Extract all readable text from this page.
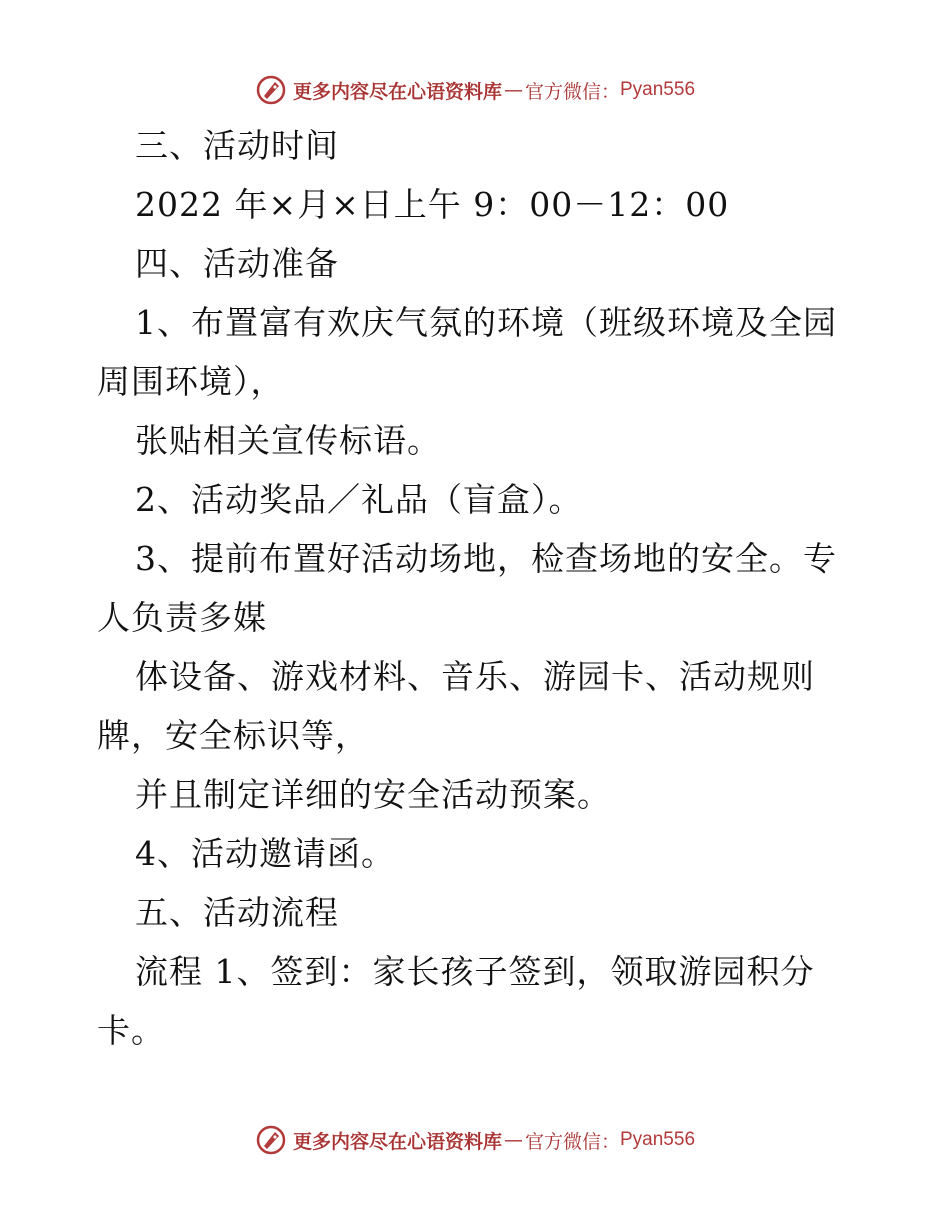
更多内容尽在心语资料库 — 官方微信： Pyan556
三、活动时间
2022 年×月×日上午 9：00－12：00
四、活动准备
1、布置富有欢庆气氛的环境（班级环境及全园
周围环境），
张贴相关宣传标语。
2、活动奖品／礼品（盲盒）。
3、提前布置好活动场地，检查场地的安全。专
人负责多媒
体设备、游戏材料、音乐、游园卡、活动规则
牌，安全标识等，
并且制定详细的安全活动预案。
4、活动邀请函。
五、活动流程
流程 1、签到：家长孩子签到，领取游园积分
卡。
更多内容尽在心语资料库 — 官方微信： Pyan556
